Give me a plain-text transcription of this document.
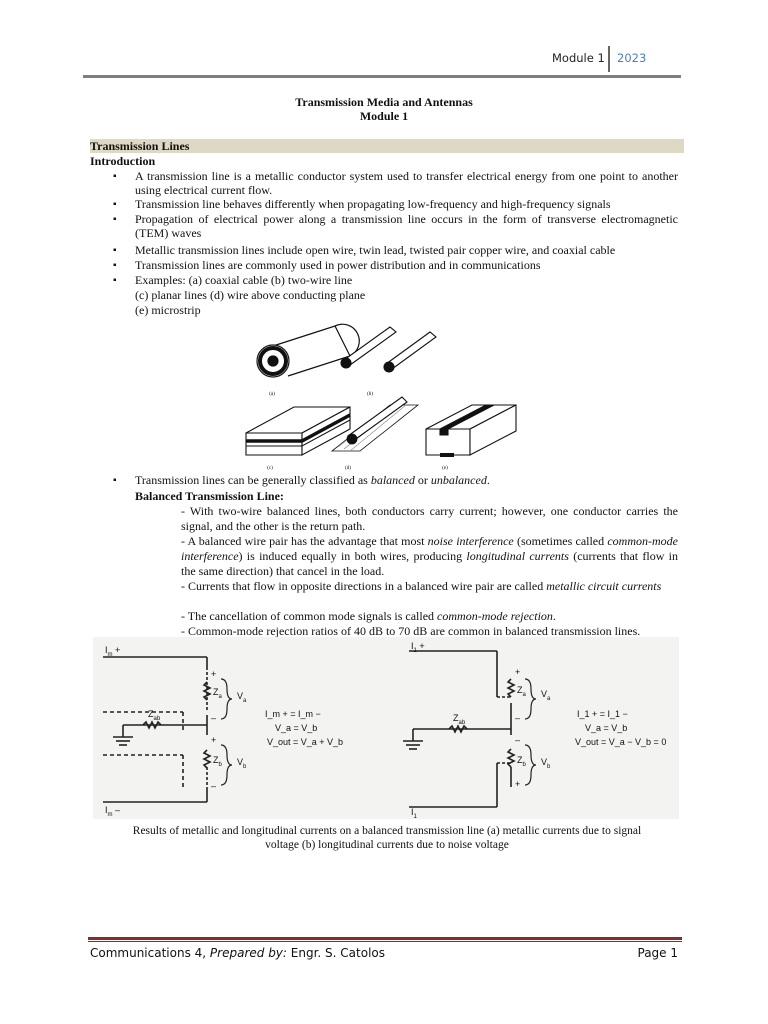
Module 1 2023
Transmission Media and Antennas
Module 1
Transmission Lines
Introduction
▪ A transmission line is a metallic conductor system used to transfer electrical energy from one point to another using electrical current flow.
▪ Transmission line behaves differently when propagating low-frequency and high-frequency signals
▪ Propagation of electrical power along a transmission line occurs in the form of transverse electromagnetic (TEM) waves
▪ Metallic transmission lines include open wire, twin lead, twisted pair copper wire, and coaxial cable
▪ Transmission lines are commonly used in power distribution and in communications
▪ Examples: (a) coaxial cable (b) two-wire line
(c) planar lines (d) wire above conducting plane
(e) microstrip
(a)	(b)
(c)	(d)	(e)
▪ Transmission lines can be generally classified as balanced or unbalanced.
Balanced Transmission Line:
- With two-wire balanced lines, both conductors carry current; however, one conductor carries the signal, and the other is the return path.
- A balanced wire pair has the advantage that most noise interference (sometimes called common-mode interference) is induced equally in both wires, producing longitudinal currents (currents that flow in the same direction) that cancel in the load.
- Currents that flow in opposite directions in a balanced wire pair are called metallic circuit currents
- The cancellation of common mode signals is called common-mode rejection.
- Common-mode rejection ratios of 40 dB to 70 dB are common in balanced transmission lines.
$I_m$ +
+
$Z_a$ $V_a$
–
$Z_{ab}$
+
$Z_b$ $V_b$
–
I_m + = I_m −
V_a = V_b
V_out = V_a + V_b
$I_m$ –
$I_1$ +
+
$Z_a$ $V_a$
–
$Z_{ab}$
–
$Z_b$ $V_b$
+
I_1 + = I_1 −
V_a = V_b
V_out = V_a − V_b = 0
$I_1$
Results of metallic and longitudinal currents on a balanced transmission line (a) metallic currents due to signal
voltage (b) longitudinal currents due to noise voltage
Communications 4, Prepared by: Engr. S. Catolos	Page 1
